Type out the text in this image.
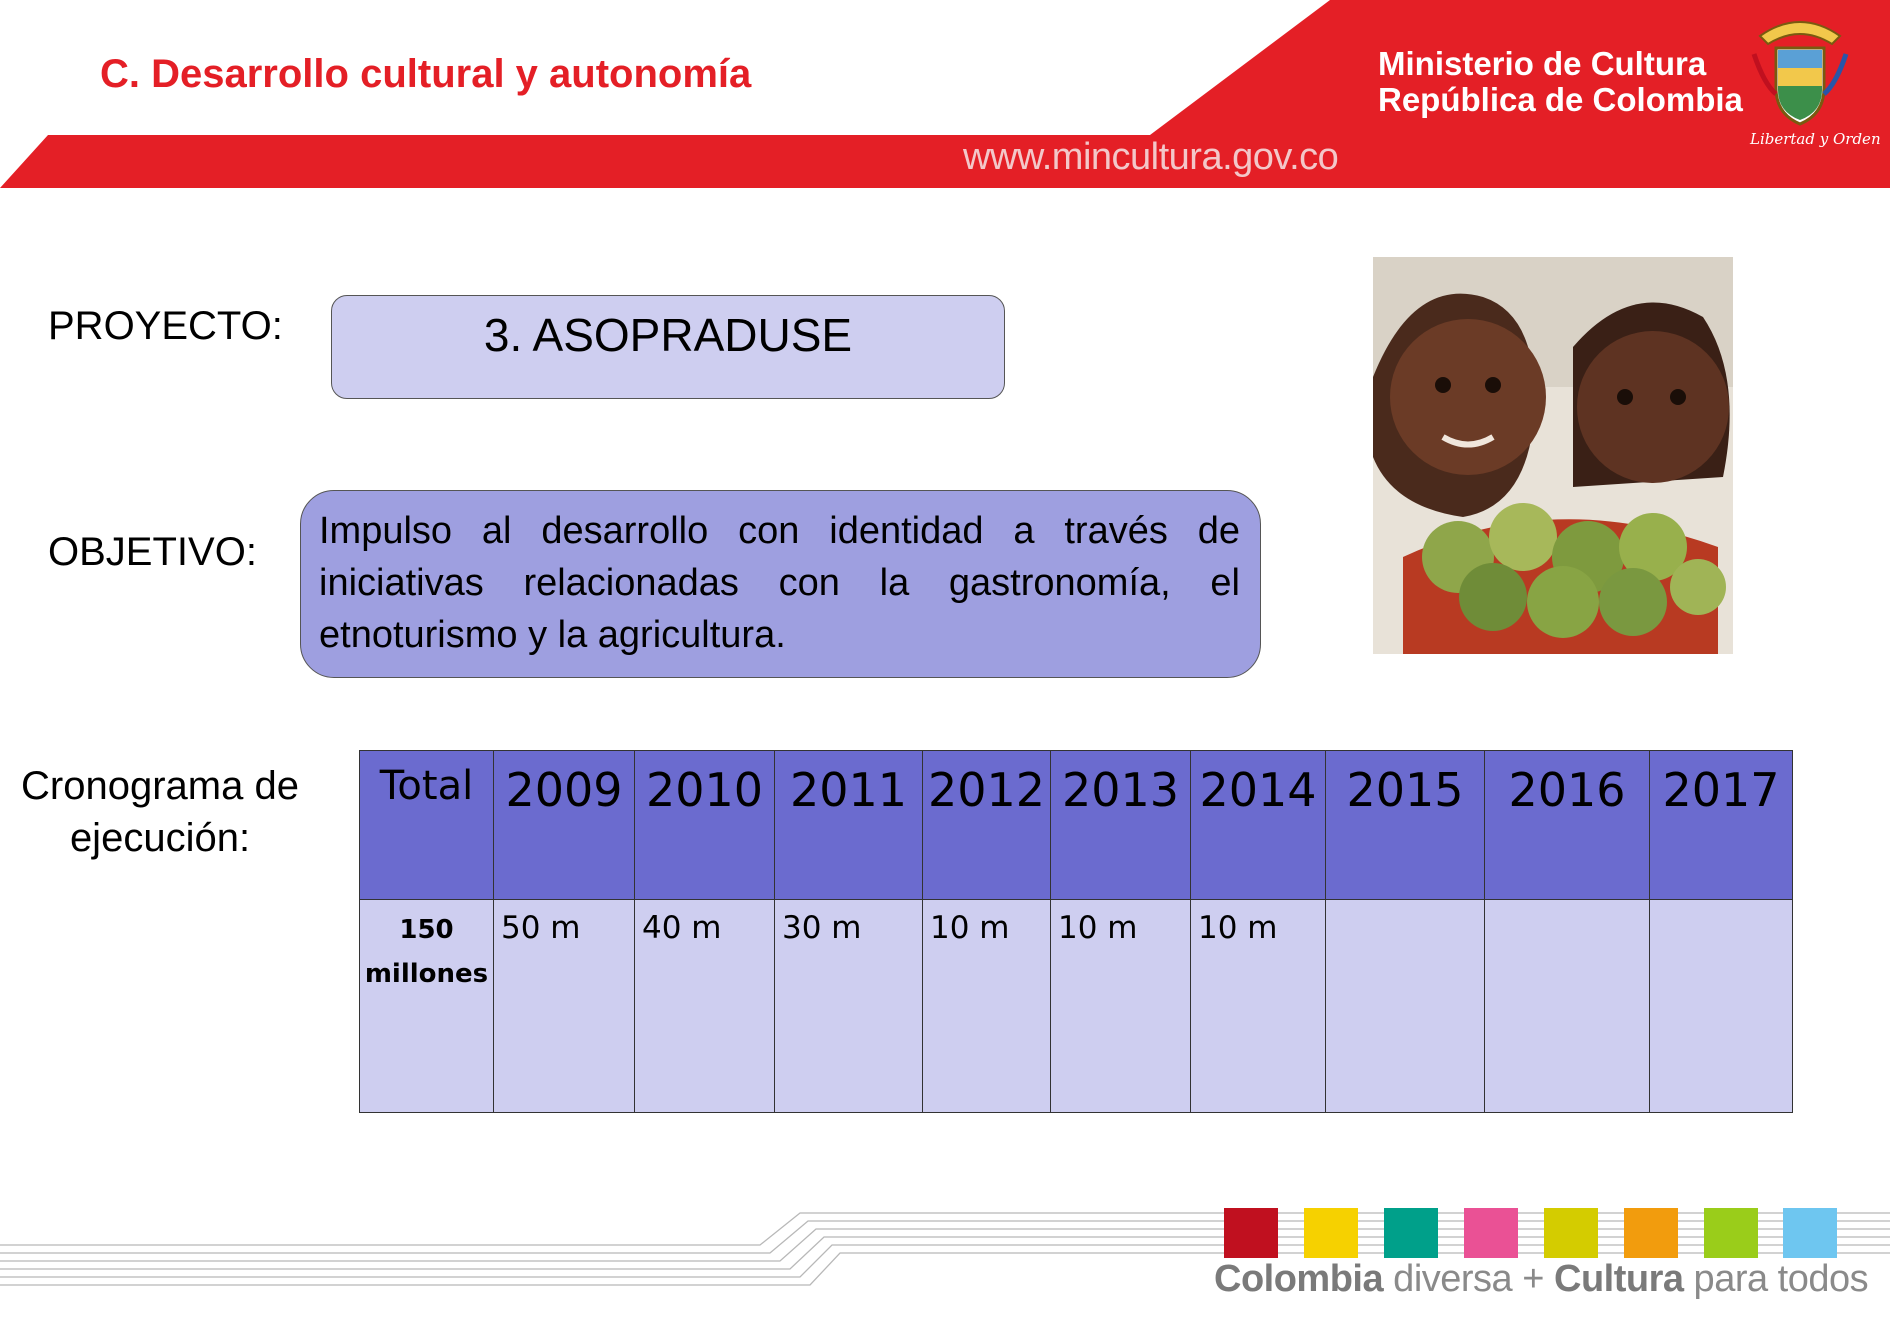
C. Desarrollo cultural y autonomía	Ministerio de Cultura
República de Colombia
www.mincultura.gov.co	Libertad y Orden
PROYECTO:	3. ASOPRADUSE
OBJETIVO: Impulso al desarrollo con identidad a través de iniciativas relacionadas con la gastronomía, el etnoturismo y la agricultura.
Cronograma de ejecución:
Total	2009	2010	2011	2012	2013	2014	2015	2016	2017

150
millones	50 m	40 m	30 m	10 m	10 m	10 m			
Colombia diversa + Cultura para todos
